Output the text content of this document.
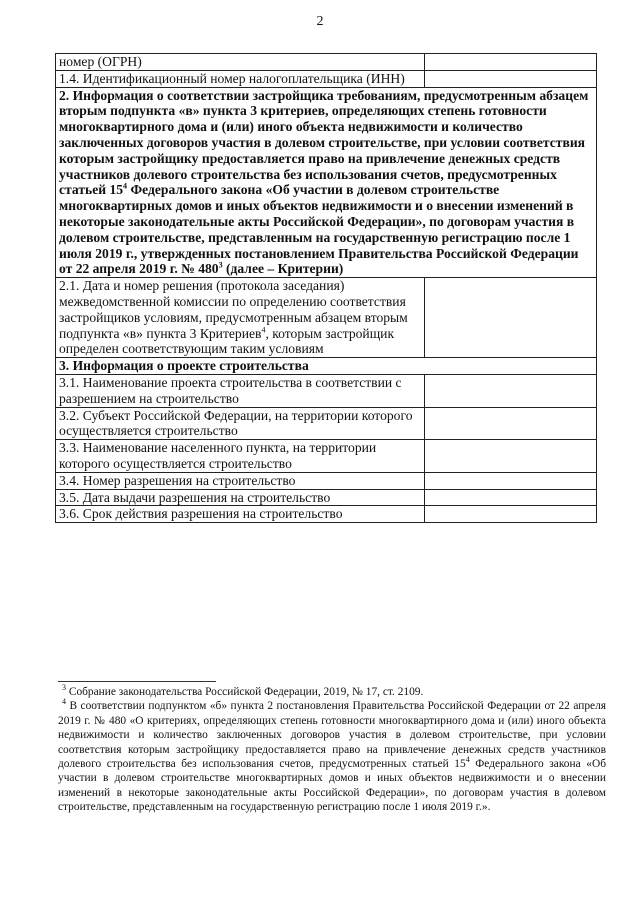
2
номер (ОГРН)	
1.4. Идентификационный номер налогоплательщика (ИНН)	
2. Информация о соответствии застройщика требованиям, предусмотренным абзацем вторым подпункта «в» пункта 3 критериев, определяющих степень готовности многоквартирного дома и (или) иного объекта недвижимости и количество заключенных договоров участия в долевом строительстве, при условии соответствия которым застройщику предоставляется право на привлечение денежных средств участников долевого строительства без использования счетов, предусмотренных статьей $15^4$ Федерального закона «Об участии в долевом строительстве многоквартирных домов и иных объектов недвижимости и о внесении изменений в некоторые законодательные акты Российской Федерации», по договорам участия в долевом строительстве, представленным на государственную регистрацию после 1 июля 2019 г., утвержденных постановлением Правительства Российской Федерации от 22 апреля 2019 г. № $480^3$ (далее – Критерии)	
2.1. Дата и номер решения (протокола заседания) межведомственной комиссии по определению соответствия застройщиков условиям, предусмотренным абзацем вторым подпункта «в» пункта 3 Критериев$^4$, которым застройщик определен соответствующим таким условиям	
3. Информация о проекте строительства	
3.1. Наименование проекта строительства в соответствии с разрешением на строительство	
3.2. Субъект Российской Федерации, на территории которого осуществляется строительство	
3.3. Наименование населенного пункта, на территории которого осуществляется строительство	
3.4. Номер разрешения на строительство	
3.5. Дата выдачи разрешения на строительство	
3.6. Срок действия разрешения на строительство	

$^3$ Собрание законодательства Российской Федерации, 2019, № 17, ст. 2109.

$^4$ В соответствии подпунктом «б» пункта 2 постановления Правительства Российской Федерации от 22 апреля 2019 г. № 480 «О критериях, определяющих степень готовности многоквартирного дома и (или) иного объекта недвижимости и количество заключенных договоров участия в долевом строительстве, при условии соответствия которым застройщику предоставляется право на привлечение денежных средств участников долевого строительства без использования счетов, предусмотренных статьей $15^4$ Федерального закона «Об участии в долевом строительстве многоквартирных домов и иных объектов недвижимости и о внесении изменений в некоторые законодательные акты Российской Федерации», по договорам участия в долевом строительстве, представленным на государственную регистрацию после 1 июля 2019 г.».
